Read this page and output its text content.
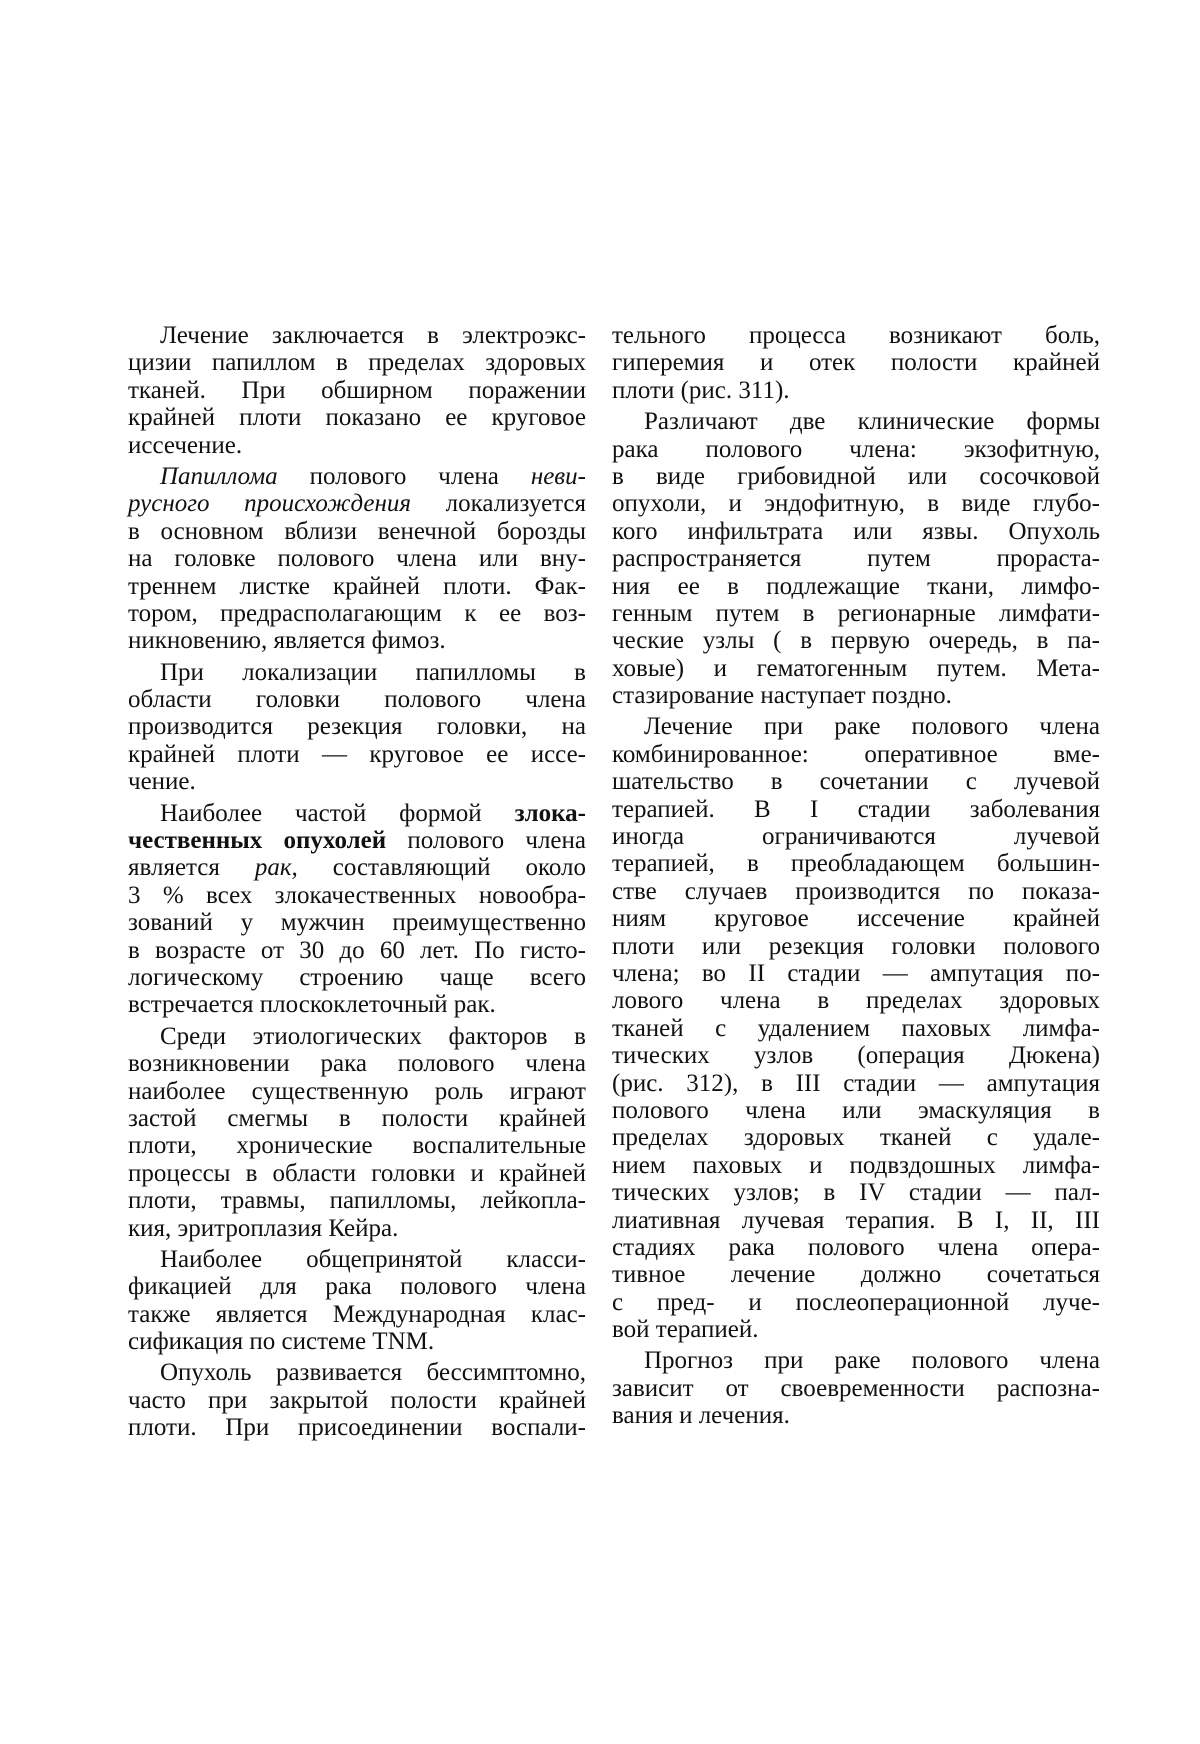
Лечение заключается в электроэкс-
цизии папиллом в пределах здоровых
тканей. При обширном поражении
крайней плоти показано ее круговое
иссечение.
Папиллома полового члена невu-
русного происхождения локализуется
в основном вблизи венечной борозды
на головке полового члена или вну-
треннем листке крайней плоти. Фак-
тором, предрасполагающим к ее воз-
никновению, является фимоз.
При локализации папилломы в
области головки полового члена
производится резекция головки, на
крайней плоти — круговое ее иссе-
чение.
Наиболее частой формой злока-
чественных опухолей полового члена
является рак, составляющий около
3 % всех злокачественных новообра-
зований у мужчин преимущественно
в возрасте от 30 до 60 лет. По гисто-
логическому строению чаще всего
встречается плоскоклеточный рак.
Среди этиологических факторов в
возникновении рака полового члена
наиболее существенную роль играют
застой смегмы в полости крайней
плоти, хронические воспалительные
процессы в области головки и крайней
плоти, травмы, папилломы, лейкопла-
кия, эритроплазия Кейра.
Наиболее общепринятой класси-
фикацией для рака полового члена
также является Международная клас-
сификация по системе TNM.
Опухоль развивается бессимптомно,
часто при закрытой полости крайней
плоти. При присоединении воспали-
тельного процесса возникают боль,
гиперемия и отек полости крайней
плоти (рис. 311).
Различают две клинические формы
рака полового члена: экзофитную,
в виде грибовидной или сосочковой
опухоли, и эндофитную, в виде глубо-
кого инфильтрата или язвы. Опухоль
распространяется путем прорастa-
ния ее в подлежащие ткани, лимфо-
генным путем в регионарные лимфати-
ческие узлы ( в первую очередь, в па-
ховые) и гематогенным путем. Мета-
стазирование наступает поздно.
Лечение при раке полового члена
комбинированное: оперативное вме-
шательство в сочетании с лучевой
терапией. В I стадии заболевания
иногда ограничиваются лучевой
терапией, в преобладающем большин-
стве случаев производится по показа-
ниям круговое иссечение крайней
плоти или резекция головки полового
члена; во II стадии — ампутация по-
лового члена в пределах здоровых
тканей с удалением паховых лимфа-
тических узлов (операция Дюкена)
(рис. 312), в III стадии — ампутация
полового члена или эмаскуляция в
пределах здоровых тканей с удале-
нием паховых и подвздошных лимфа-
тических узлов; в IV стадии — пал-
лиативная лучевая терапия. В I, II, III
стадиях рака полового члена опера-
тивное лечение должно сочетаться
с пред- и послеоперационной луче-
вой терапией.
Прогноз при раке полового члена
зависит от своевременности распозна-
вания и лечения.
